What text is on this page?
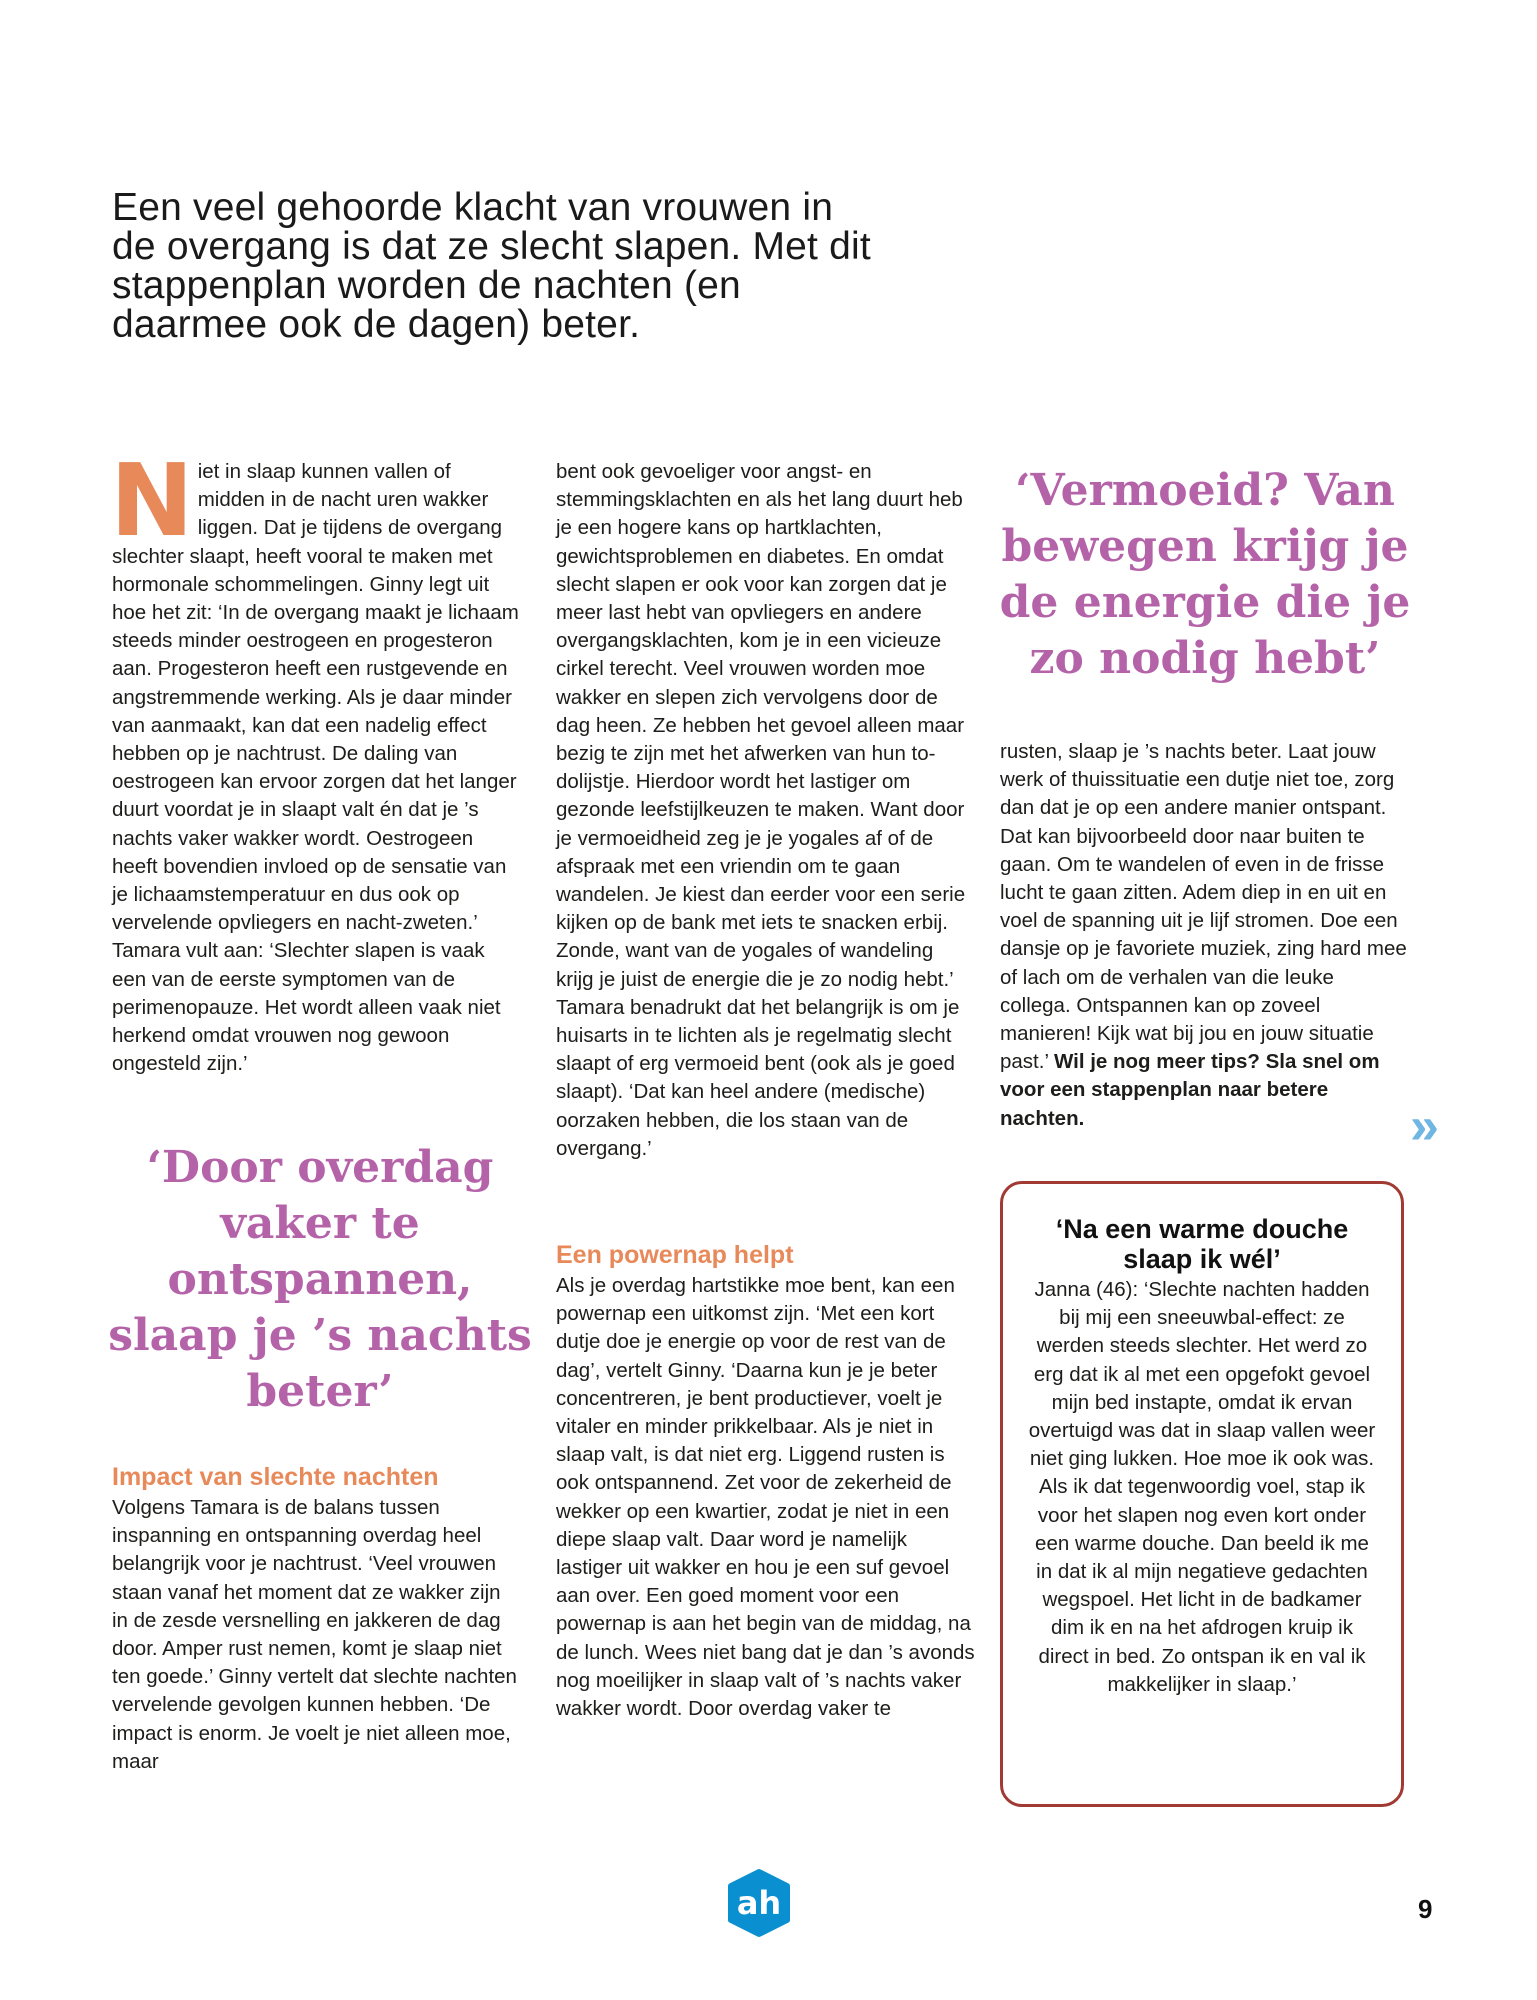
Een veel gehoorde klacht van vrouwen in de overgang is dat ze slecht slapen. Met dit stappenplan worden de nachten (en daarmee ook de dagen) beter.

Niet in slaap kunnen vallen of midden in de nacht uren wakker liggen. Dat je tijdens de overgang slechter slaapt, heeft vooral te maken met hormonale schommelingen. Ginny legt uit hoe het zit: ‘In de overgang maakt je lichaam steeds minder oestrogeen en progesteron aan. Progesteron heeft een rustgevende en angstremmende werking. Als je daar minder van aanmaakt, kan dat een nadelig effect hebben op je nachtrust. De daling van oestrogeen kan ervoor zorgen dat het langer duurt voordat je in slaapt valt én dat je ’s nachts vaker wakker wordt. Oestrogeen heeft bovendien invloed op de sensatie van je lichaamstemperatuur en dus ook op vervelende opvliegers en nacht-zweten.’ Tamara vult aan: ‘Slechter slapen is vaak een van de eerste symptomen van de perimenopauze. Het wordt alleen vaak niet herkend omdat vrouwen nog gewoon ongesteld zijn.’

‘Door overdag vaker te ontspannen, slaap je ’s nachts beter’

Impact van slechte nachten

Volgens Tamara is de balans tussen inspanning en ontspanning overdag heel belangrijk voor je nachtrust. ‘Veel vrouwen staan vanaf het moment dat ze wakker zijn in de zesde versnelling en jakkeren de dag door. Amper rust nemen, komt je slaap niet ten goede.’ Ginny vertelt dat slechte nachten vervelende gevolgen kunnen hebben. ‘De impact is enorm. Je voelt je niet alleen moe, maar

bent ook gevoeliger voor angst- en stemmingsklachten en als het lang duurt heb je een hogere kans op hartklachten, gewichtsproblemen en diabetes. En omdat slecht slapen er ook voor kan zorgen dat je meer last hebt van opvliegers en andere overgangsklachten, kom je in een vicieuze cirkel terecht. Veel vrouwen worden moe wakker en slepen zich vervolgens door de dag heen. Ze hebben het gevoel alleen maar bezig te zijn met het afwerken van hun to-dolijstje. Hierdoor wordt het lastiger om gezonde leefstijlkeuzen te maken. Want door je vermoeidheid zeg je je yogales af of de afspraak met een vriendin om te gaan wandelen. Je kiest dan eerder voor een serie kijken op de bank met iets te snacken erbij. Zonde, want van de yogales of wandeling krijg je juist de energie die je zo nodig hebt.’ Tamara benadrukt dat het belangrijk is om je huisarts in te lichten als je regelmatig slecht slaapt of erg vermoeid bent (ook als je goed slaapt). ‘Dat kan heel andere (medische) oorzaken hebben, die los staan van de overgang.’

Een powernap helpt

Als je overdag hartstikke moe bent, kan een powernap een uitkomst zijn. ‘Met een kort dutje doe je energie op voor de rest van de dag’, vertelt Ginny. ‘Daarna kun je je beter concentreren, je bent productiever, voelt je vitaler en minder prikkelbaar. Als je niet in slaap valt, is dat niet erg. Liggend rusten is ook ontspannend. Zet voor de zekerheid de wekker op een kwartier, zodat je niet in een diepe slaap valt. Daar word je namelijk lastiger uit wakker en hou je een suf gevoel aan over. Een goed moment voor een powernap is aan het begin van de middag, na de lunch. Wees niet bang dat je dan ’s avonds nog moeilijker in slaap valt of ’s nachts vaker wakker wordt. Door overdag vaker te

‘Vermoeid? Van bewegen krijg je de energie die je zo nodig hebt’

rusten, slaap je ’s nachts beter. Laat jouw werk of thuissituatie een dutje niet toe, zorg dan dat je op een andere manier ontspant. Dat kan bijvoorbeeld door naar buiten te gaan. Om te wandelen of even in de frisse lucht te gaan zitten. Adem diep in en uit en voel de spanning uit je lijf stromen. Doe een dansje op je favoriete muziek, zing hard mee of lach om de verhalen van die leuke collega. Ontspannen kan op zoveel manieren! Kijk wat bij jou en jouw situatie past.’ Wil je nog meer tips? Sla snel om voor een stappenplan naar betere nachten.	»
‘Na een warme douche slaap ik wél’

Janna (46): ‘Slechte nachten hadden bij mij een sneeuwbal-effect: ze werden steeds slechter. Het werd zo erg dat ik al met een opgefokt gevoel mijn bed instapte, omdat ik ervan overtuigd was dat in slaap vallen weer niet ging lukken. Hoe moe ik ook was. Als ik dat tegenwoordig voel, stap ik voor het slapen nog even kort onder een warme douche. Dan beeld ik me in dat ik al mijn negatieve gedachten wegspoel. Het licht in de badkamer dim ik en na het afdrogen kruip ik direct in bed. Zo ontspan ik en val ik makkelijker in slaap.’

ah	9
